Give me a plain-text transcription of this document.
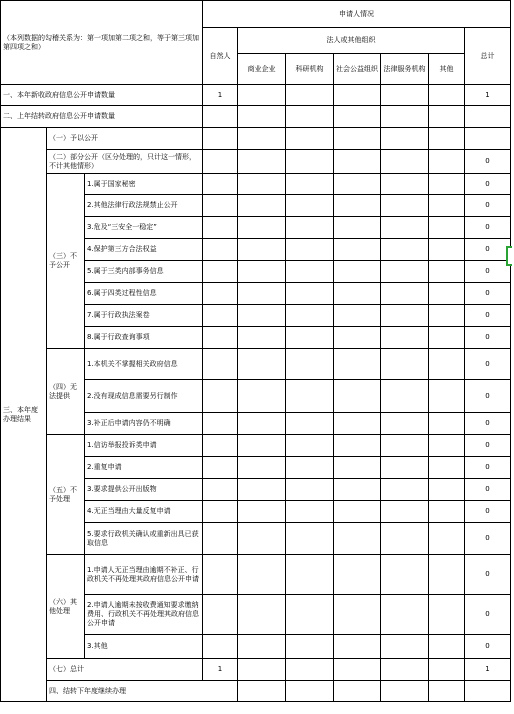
（本列数据的勾稽关系为：第一项加第二项之和，等于第三项加第四项之和）			申请人情况							
			自然人	法人或其他组织					总计	
				商业企业	科研机构	社会公益组织	法律服务机构	其他		
一、本年新收政府信息公开申请数量			1						1	
二、上年结转政府信息公开申请数量										
三、本年度办理结果	（一）予以公开									
	（二）部分公开（区分处理的，只计这一情形，不计其他情形）								0	
	（三）不予公开	1.属于国家秘密							0	
		2.其他法律行政法规禁止公开							0	
		3.危及“三安全一稳定”							0	
		4.保护第三方合法权益							0	
		5.属于三类内部事务信息							0	
		6.属于四类过程性信息							0	
		7.属于行政执法案卷							0	
		8.属于行政查询事项							0	
	（四）无法提供	1.本机关不掌握相关政府信息							0	
		2.没有现成信息需要另行制作							0	
		3.补正后申请内容仍不明确							0	
	（五）不予处理	1.信访举报投诉类申请							0	
		2.重复申请							0	
		3.要求提供公开出版物							0	
		4.无正当理由大量反复申请							0	
		5.要求行政机关确认或重新出具已获取信息							0	
	（六）其他处理	1.申请人无正当理由逾期不补正、行政机关不再处理其政府信息公开申请							0	
		2.申请人逾期未按收费通知要求缴纳费用、行政机关不再处理其政府信息公开申请							0	
		3.其他							0	
	（七）总计		1						1	
	四、结转下年度继续办理							
